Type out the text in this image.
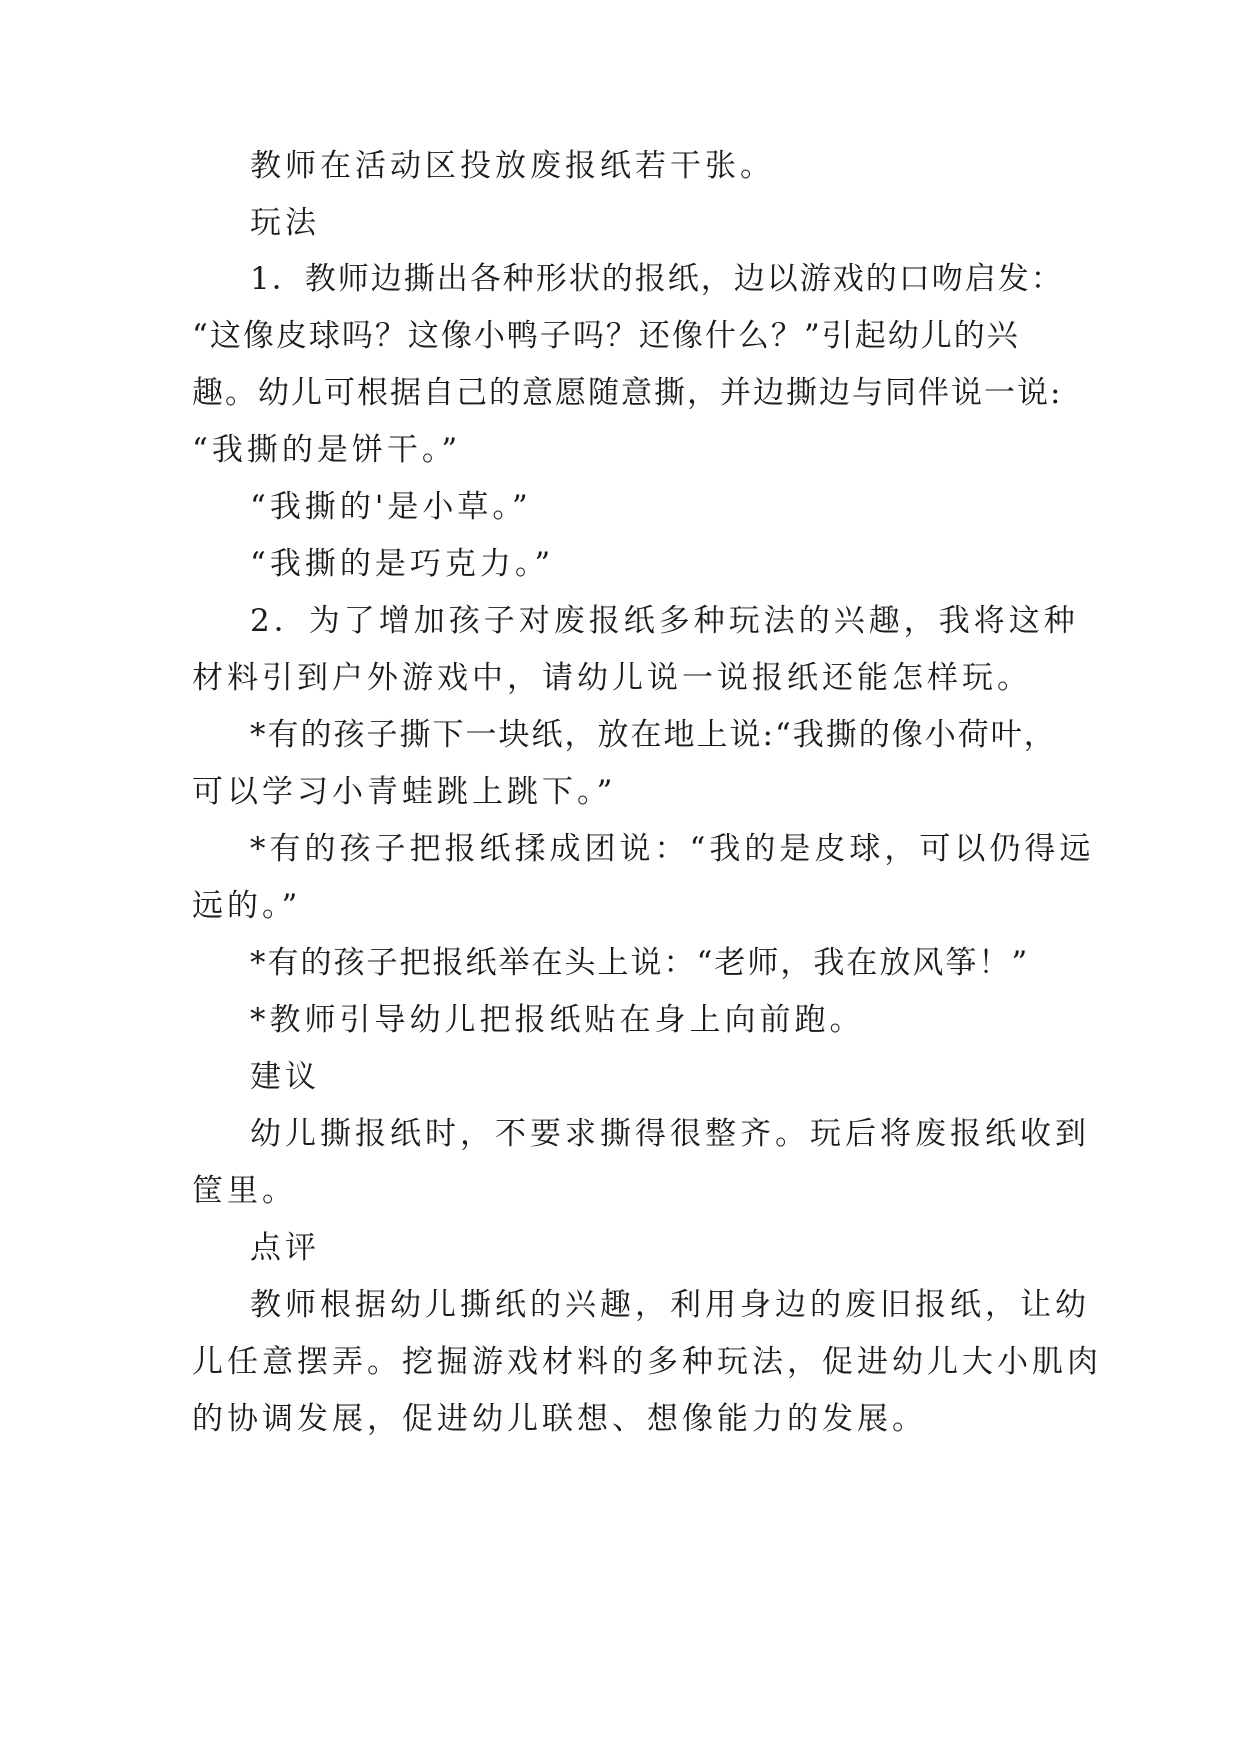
教师在活动区投放废报纸若干张。
玩法
1．教师边撕出各种形状的报纸，边以游戏的口吻启发：
“这像皮球吗？这像小鸭子吗？还像什么？”引起幼儿的兴
趣。幼儿可根据自己的意愿随意撕，并边撕边与同伴说一说:
“我撕的是饼干。”
“我撕的'是小草。”
“我撕的是巧克力。”
2．为了增加孩子对废报纸多种玩法的兴趣，我将这种
材料引到户外游戏中，请幼儿说一说报纸还能怎样玩。
*有的孩子撕下一块纸，放在地上说:“我撕的像小荷叶，
可以学习小青蛙跳上跳下。”
*有的孩子把报纸揉成团说：“我的是皮球，可以仍得远
远的。”
*有的孩子把报纸举在头上说：“老师，我在放风筝！”
*教师引导幼儿把报纸贴在身上向前跑。
建议
幼儿撕报纸时，不要求撕得很整齐。玩后将废报纸收到
筐里。
点评
教师根据幼儿撕纸的兴趣，利用身边的废旧报纸，让幼
儿任意摆弄。挖掘游戏材料的多种玩法，促进幼儿大小肌肉
的协调发展，促进幼儿联想、想像能力的发展。
